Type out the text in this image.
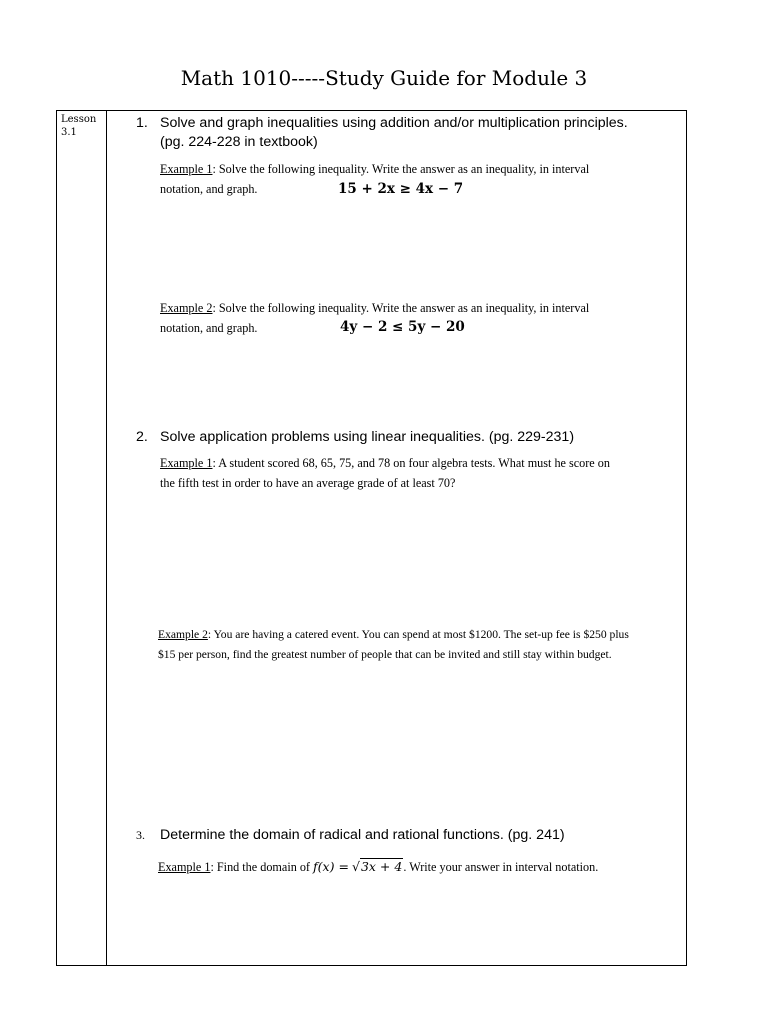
Math 1010-----Study Guide for Module 3
Lesson
3.1
1. Solve and graph inequalities using addition and/or multiplication principles.
(pg. 224-228 in textbook)
Example 1: Solve the following inequality. Write the answer as an inequality, in interval
notation, and graph.	15 + 2x ≥ 4x − 7
Example 2: Solve the following inequality. Write the answer as an inequality, in interval
notation, and graph.	4y − 2 ≤ 5y − 20
2. Solve application problems using linear inequalities. (pg. 229-231)
Example 1: A student scored 68, 65, 75, and 78 on four algebra tests. What must he score on
the fifth test in order to have an average grade of at least 70?
Example 2: You are having a catered event. You can spend at most $1200. The set-up fee is $250 plus
$15 per person, find the greatest number of people that can be invited and still stay within budget.
3. Determine the domain of radical and rational functions. (pg. 241)
Example 1: Find the domain of f(x) = √3x + 4. Write your answer in interval notation.
